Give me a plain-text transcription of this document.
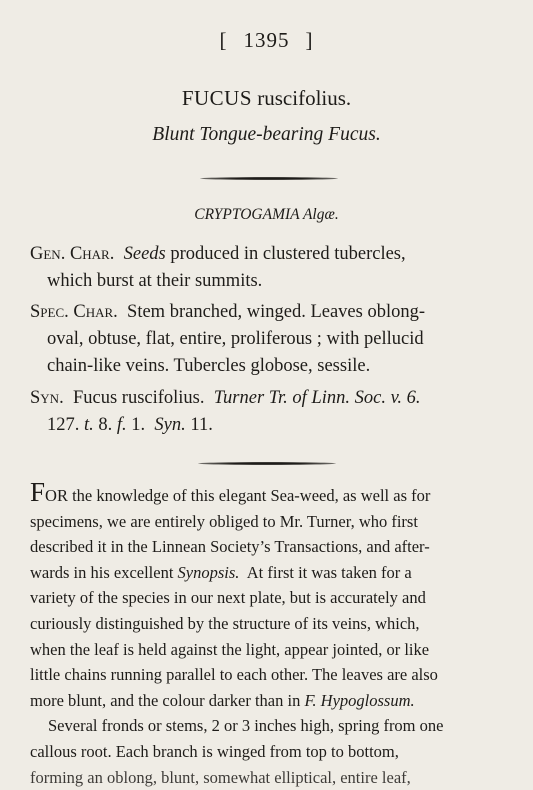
[ 1395 ]
FUCUS ruscifolius.
Blunt Tongue-bearing Fucus.
CRYPTOGAMIA Algæ.
Gen. Char. Seeds produced in clustered tubercles,
which burst at their summits.
Spec. Char. Stem branched, winged. Leaves oblong-
oval, obtuse, flat, entire, proliferous ; with pellucid
chain-like veins. Tubercles globose, sessile.
Syn. Fucus ruscifolius. Turner Tr. of Linn. Soc. v. 6.
127. t. 8. f. 1. Syn. 11.
FOR the knowledge of this elegant Sea-weed, as well as for
specimens, we are entirely obliged to Mr. Turner, who first
described it in the Linnean Society’s Transactions, and after-
wards in his excellent Synopsis. At first it was taken for a
variety of the species in our next plate, but is accurately and
curiously distinguished by the structure of its veins, which,
when the leaf is held against the light, appear jointed, or like
little chains running parallel to each other. The leaves are also
more blunt, and the colour darker than in F. Hypoglossum.
Several fronds or stems, 2 or 3 inches high, spring from one
callous root. Each branch is winged from top to bottom,
forming an oblong, blunt, somewhat elliptical, entire leaf,
